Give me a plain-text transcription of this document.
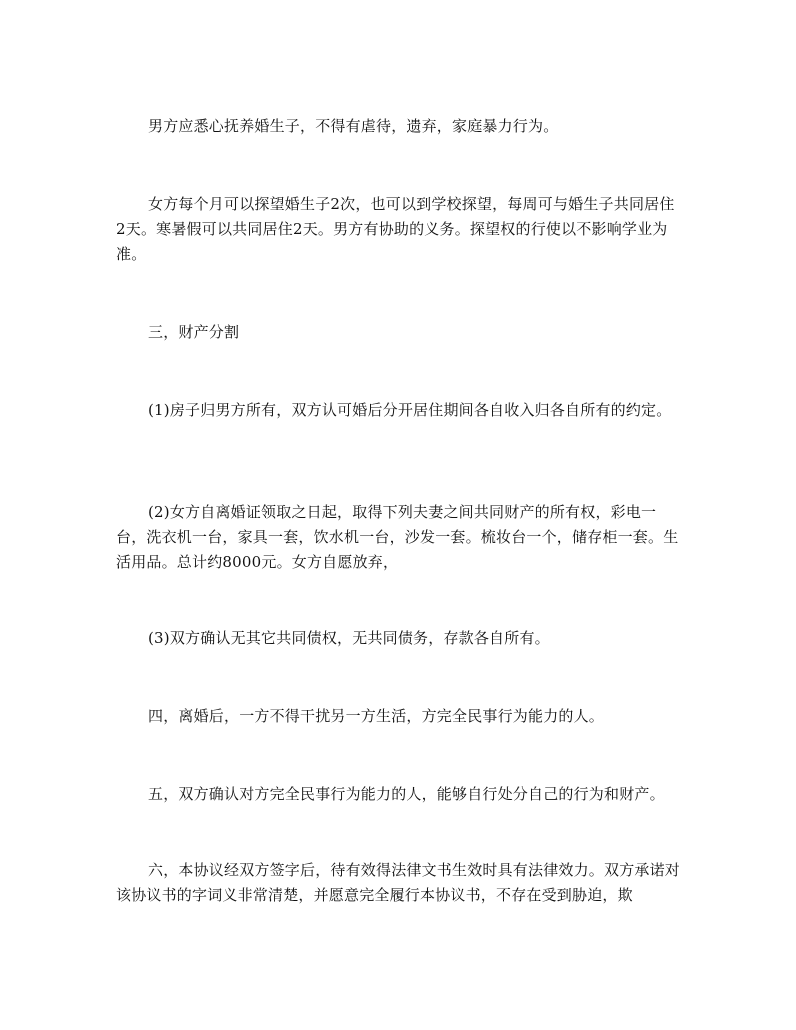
男方应悉心抚养婚生子，不得有虐待，遗弃，家庭暴力行为。

女方每个月可以探望婚生子2次，也可以到学校探望，每周可与婚生子共同居住2天。寒暑假可以共同居住2天。男方有协助的义务。探望权的行使以不影响学业为准。

三，财产分割

(1)房子归男方所有，双方认可婚后分开居住期间各自收入归各自所有的约定。

(2)女方自离婚证领取之日起，取得下列夫妻之间共同财产的所有权，彩电一台，洗衣机一台，家具一套，饮水机一台，沙发一套。梳妆台一个，储存柜一套。生活用品。总计约8000元。女方自愿放弃，

(3)双方确认无其它共同债权，无共同债务，存款各自所有。

四，离婚后，一方不得干扰另一方生活，方完全民事行为能力的人。

五，双方确认对方完全民事行为能力的人，能够自行处分自己的行为和财产。

六，本协议经双方签字后，待有效得法律文书生效时具有法律效力。双方承诺对该协议书的字词义非常清楚，并愿意完全履行本协议书，不存在受到胁迫，欺
